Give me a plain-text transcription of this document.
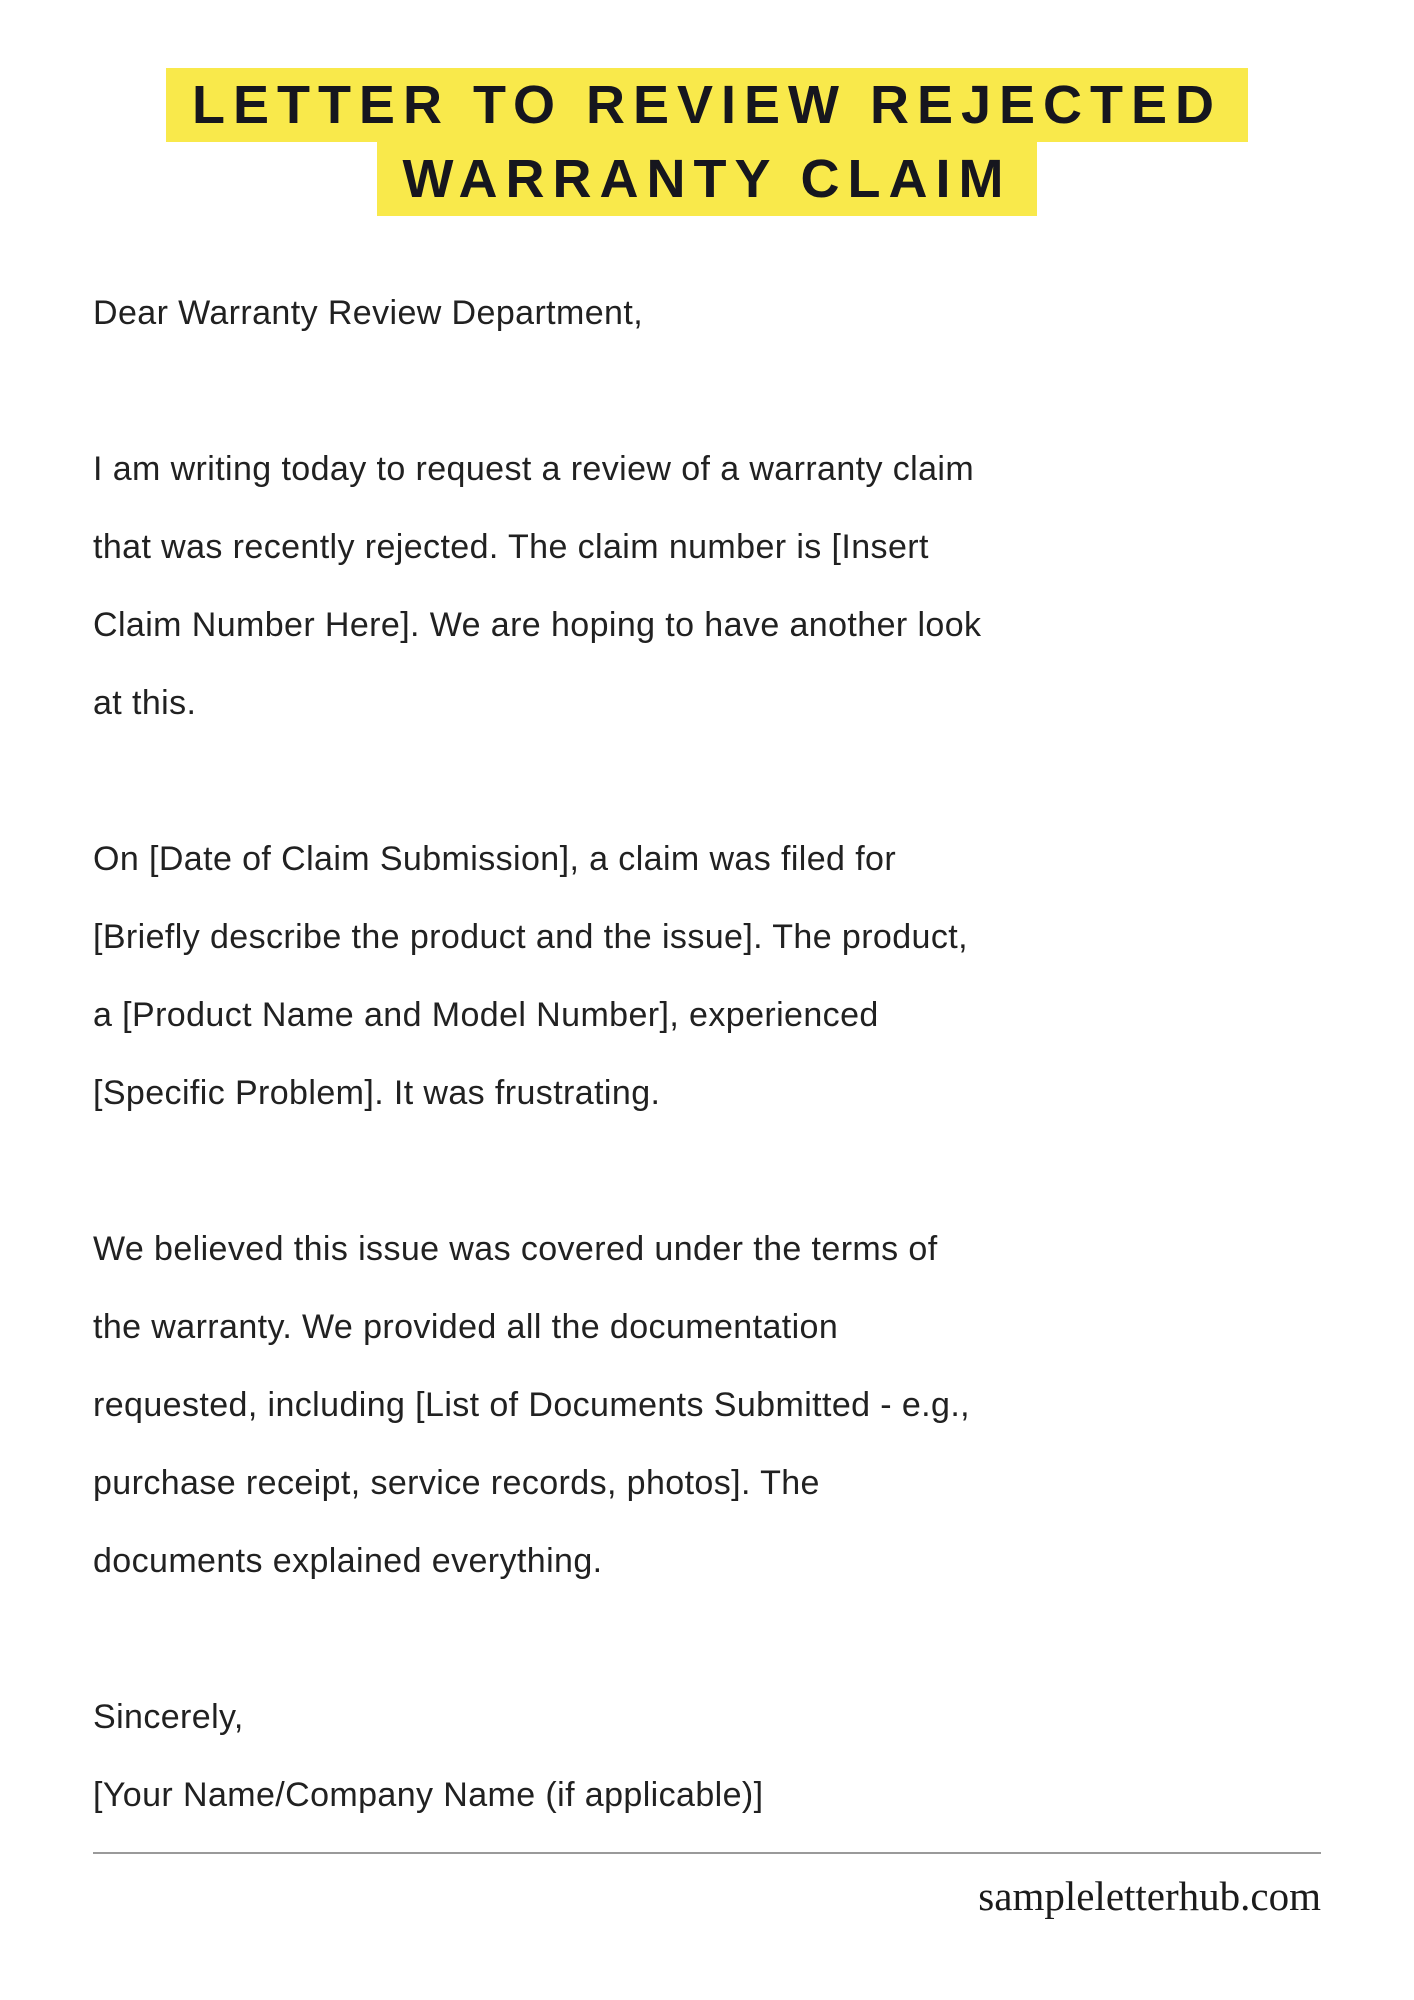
LETTER TO REVIEW REJECTED
WARRANTY CLAIM
Dear Warranty Review Department,

I am writing today to request a review of a warranty claim
that was recently rejected. The claim number is [Insert
Claim Number Here]. We are hoping to have another look
at this.

On [Date of Claim Submission], a claim was filed for
[Briefly describe the product and the issue]. The product,
a [Product Name and Model Number], experienced
[Specific Problem]. It was frustrating.

We believed this issue was covered under the terms of
the warranty. We provided all the documentation
requested, including [List of Documents Submitted - e.g.,
purchase receipt, service records, photos]. The
documents explained everything.

Sincerely,
[Your Name/Company Name (if applicable)]
sampleletterhub.com
